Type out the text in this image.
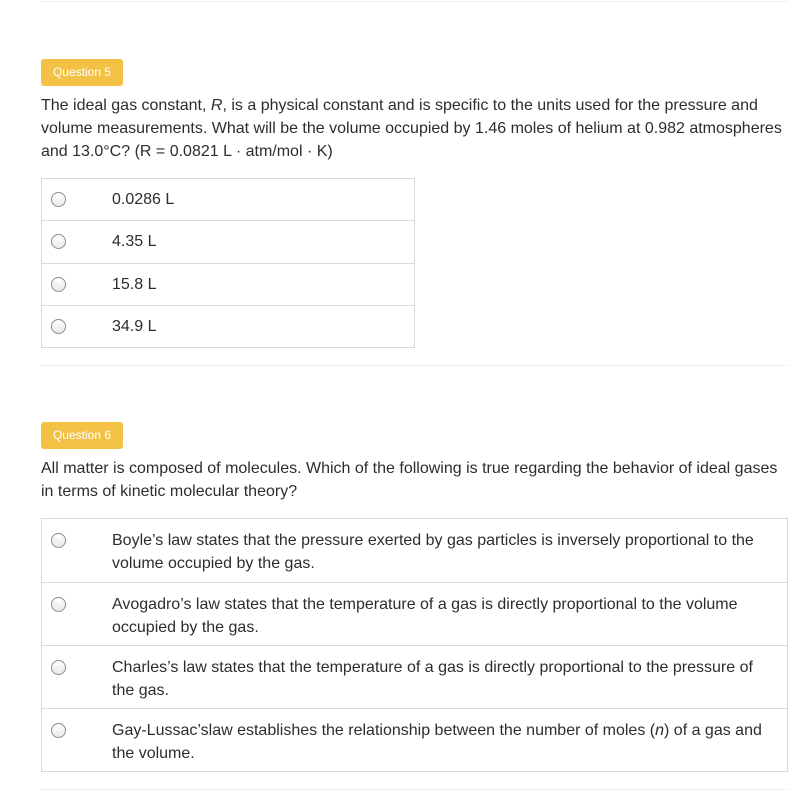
Question 5

The ideal gas constant, R, is a physical constant and is specific to the units used for the pressure and volume measurements. What will be the volume occupied by 1.46 moles of helium at 0.982 atmospheres and 13.0°C? (R = 0.0821 L · atm/mol · K)

0.0286 L
4.35 L
15.8 L
34.9 L
Question 6

All matter is composed of molecules. Which of the following is true regarding the behavior of ideal gases in terms of kinetic molecular theory?

Boyle’s law states that the pressure exerted by gas particles is inversely proportional to the volume occupied by the gas.
Avogadro’s law states that the temperature of a gas is directly proportional to the volume occupied by the gas.
Charles’s law states that the temperature of a gas is directly proportional to the pressure of the gas.
Gay-Lussac’slaw establishes the relationship between the number of moles (n) of a gas and the volume.
